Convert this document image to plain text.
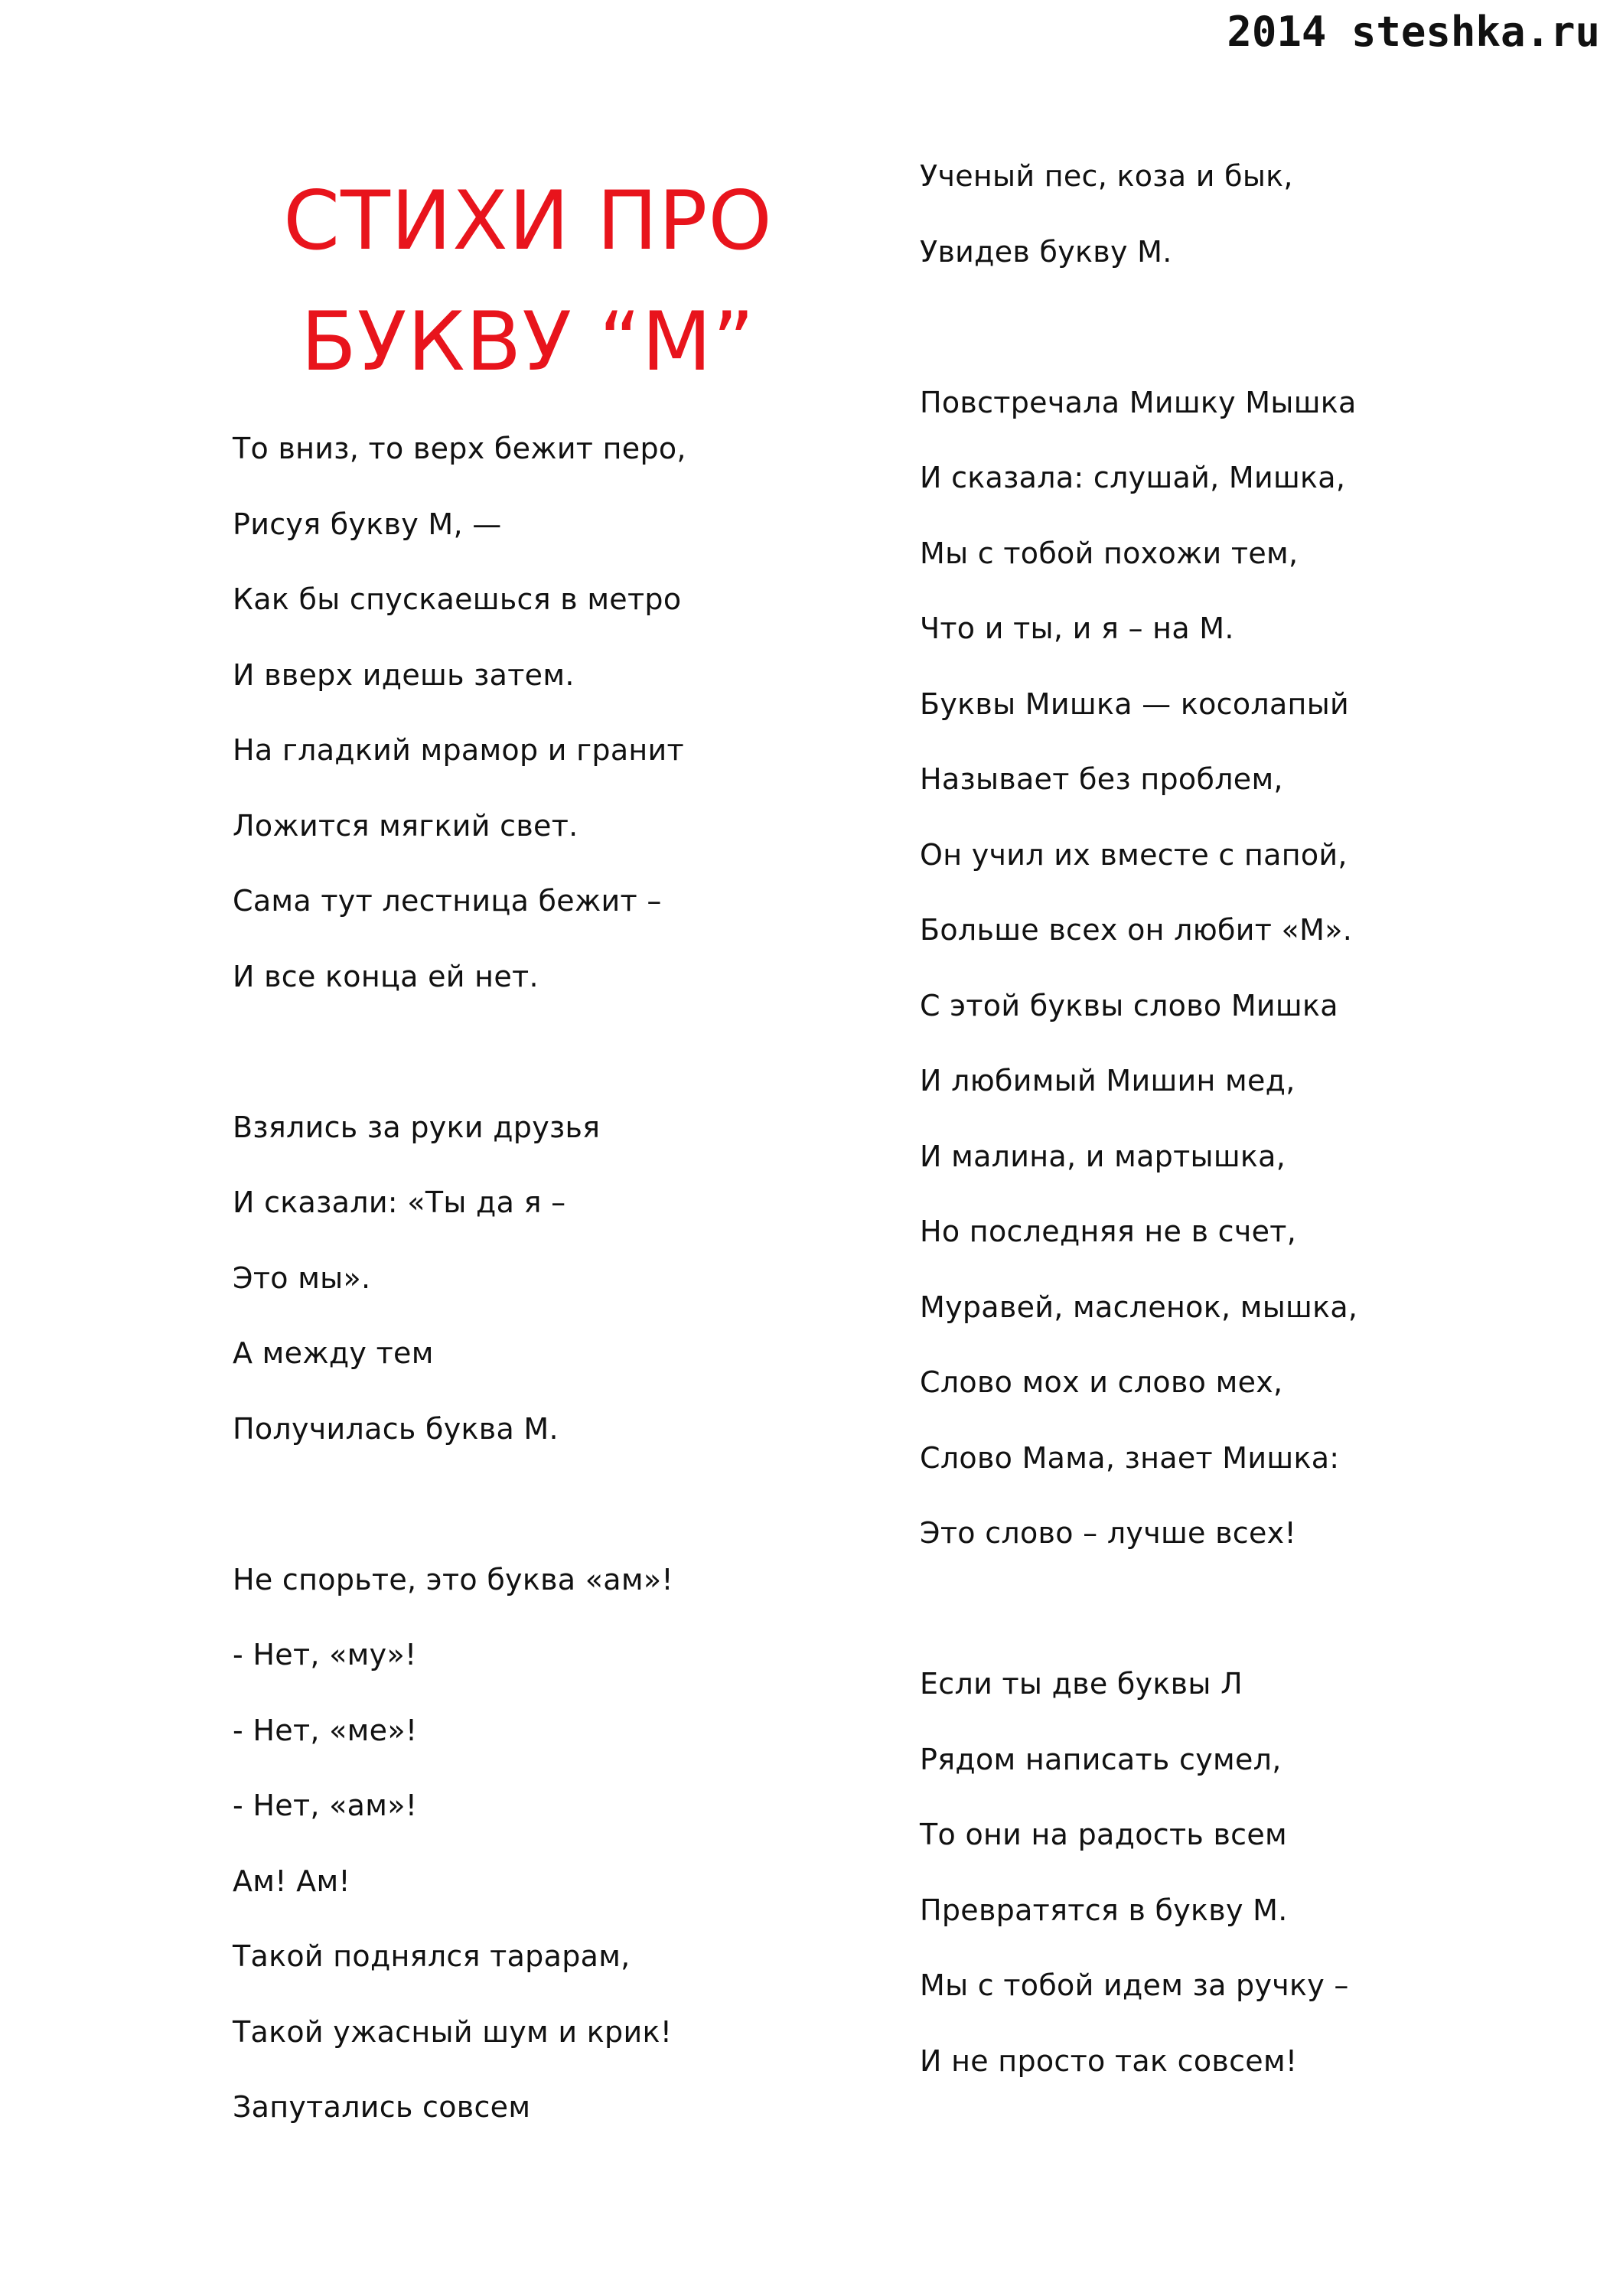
2014 steshka.ru
СТИХИ ПРО
БУКВУ “М”
То вниз, то верх бежит перо,
Рисуя букву М, —
Как бы спускаешься в метро
И вверх идешь затем.
На гладкий мрамор и гранит
Ложится мягкий свет.
Сама тут лестница бежит –
И все конца ей нет.
Взялись за руки друзья
И сказали: «Ты да я –
Это мы».
А между тем
Получилась буква М.
Не спорьте, это буква «ам»!
- Нет, «му»!
- Нет, «ме»!
- Нет, «ам»!
Ам! Ам!
Такой поднялся тарарам,
Такой ужасный шум и крик!
Запутались совсем
Ученый пес, коза и бык,
Увидев букву М.
Повстречала Мишку Мышка
И сказала: слушай, Мишка,
Мы с тобой похожи тем,
Что и ты, и я – на М.
Буквы Мишка — косолапый
Называет без проблем,
Он учил их вместе с папой,
Больше всех он любит «М».
С этой буквы слово Мишка
И любимый Мишин мед,
И малина, и мартышка,
Но последняя не в счет,
Муравей, масленок, мышка,
Слово мох и слово мех,
Слово Мама, знает Мишка:
Это слово – лучше всех!
Если ты две буквы Л
Рядом написать сумел,
То они на радость всем
Превратятся в букву М.
Мы с тобой идем за ручку –
И не просто так совсем!
